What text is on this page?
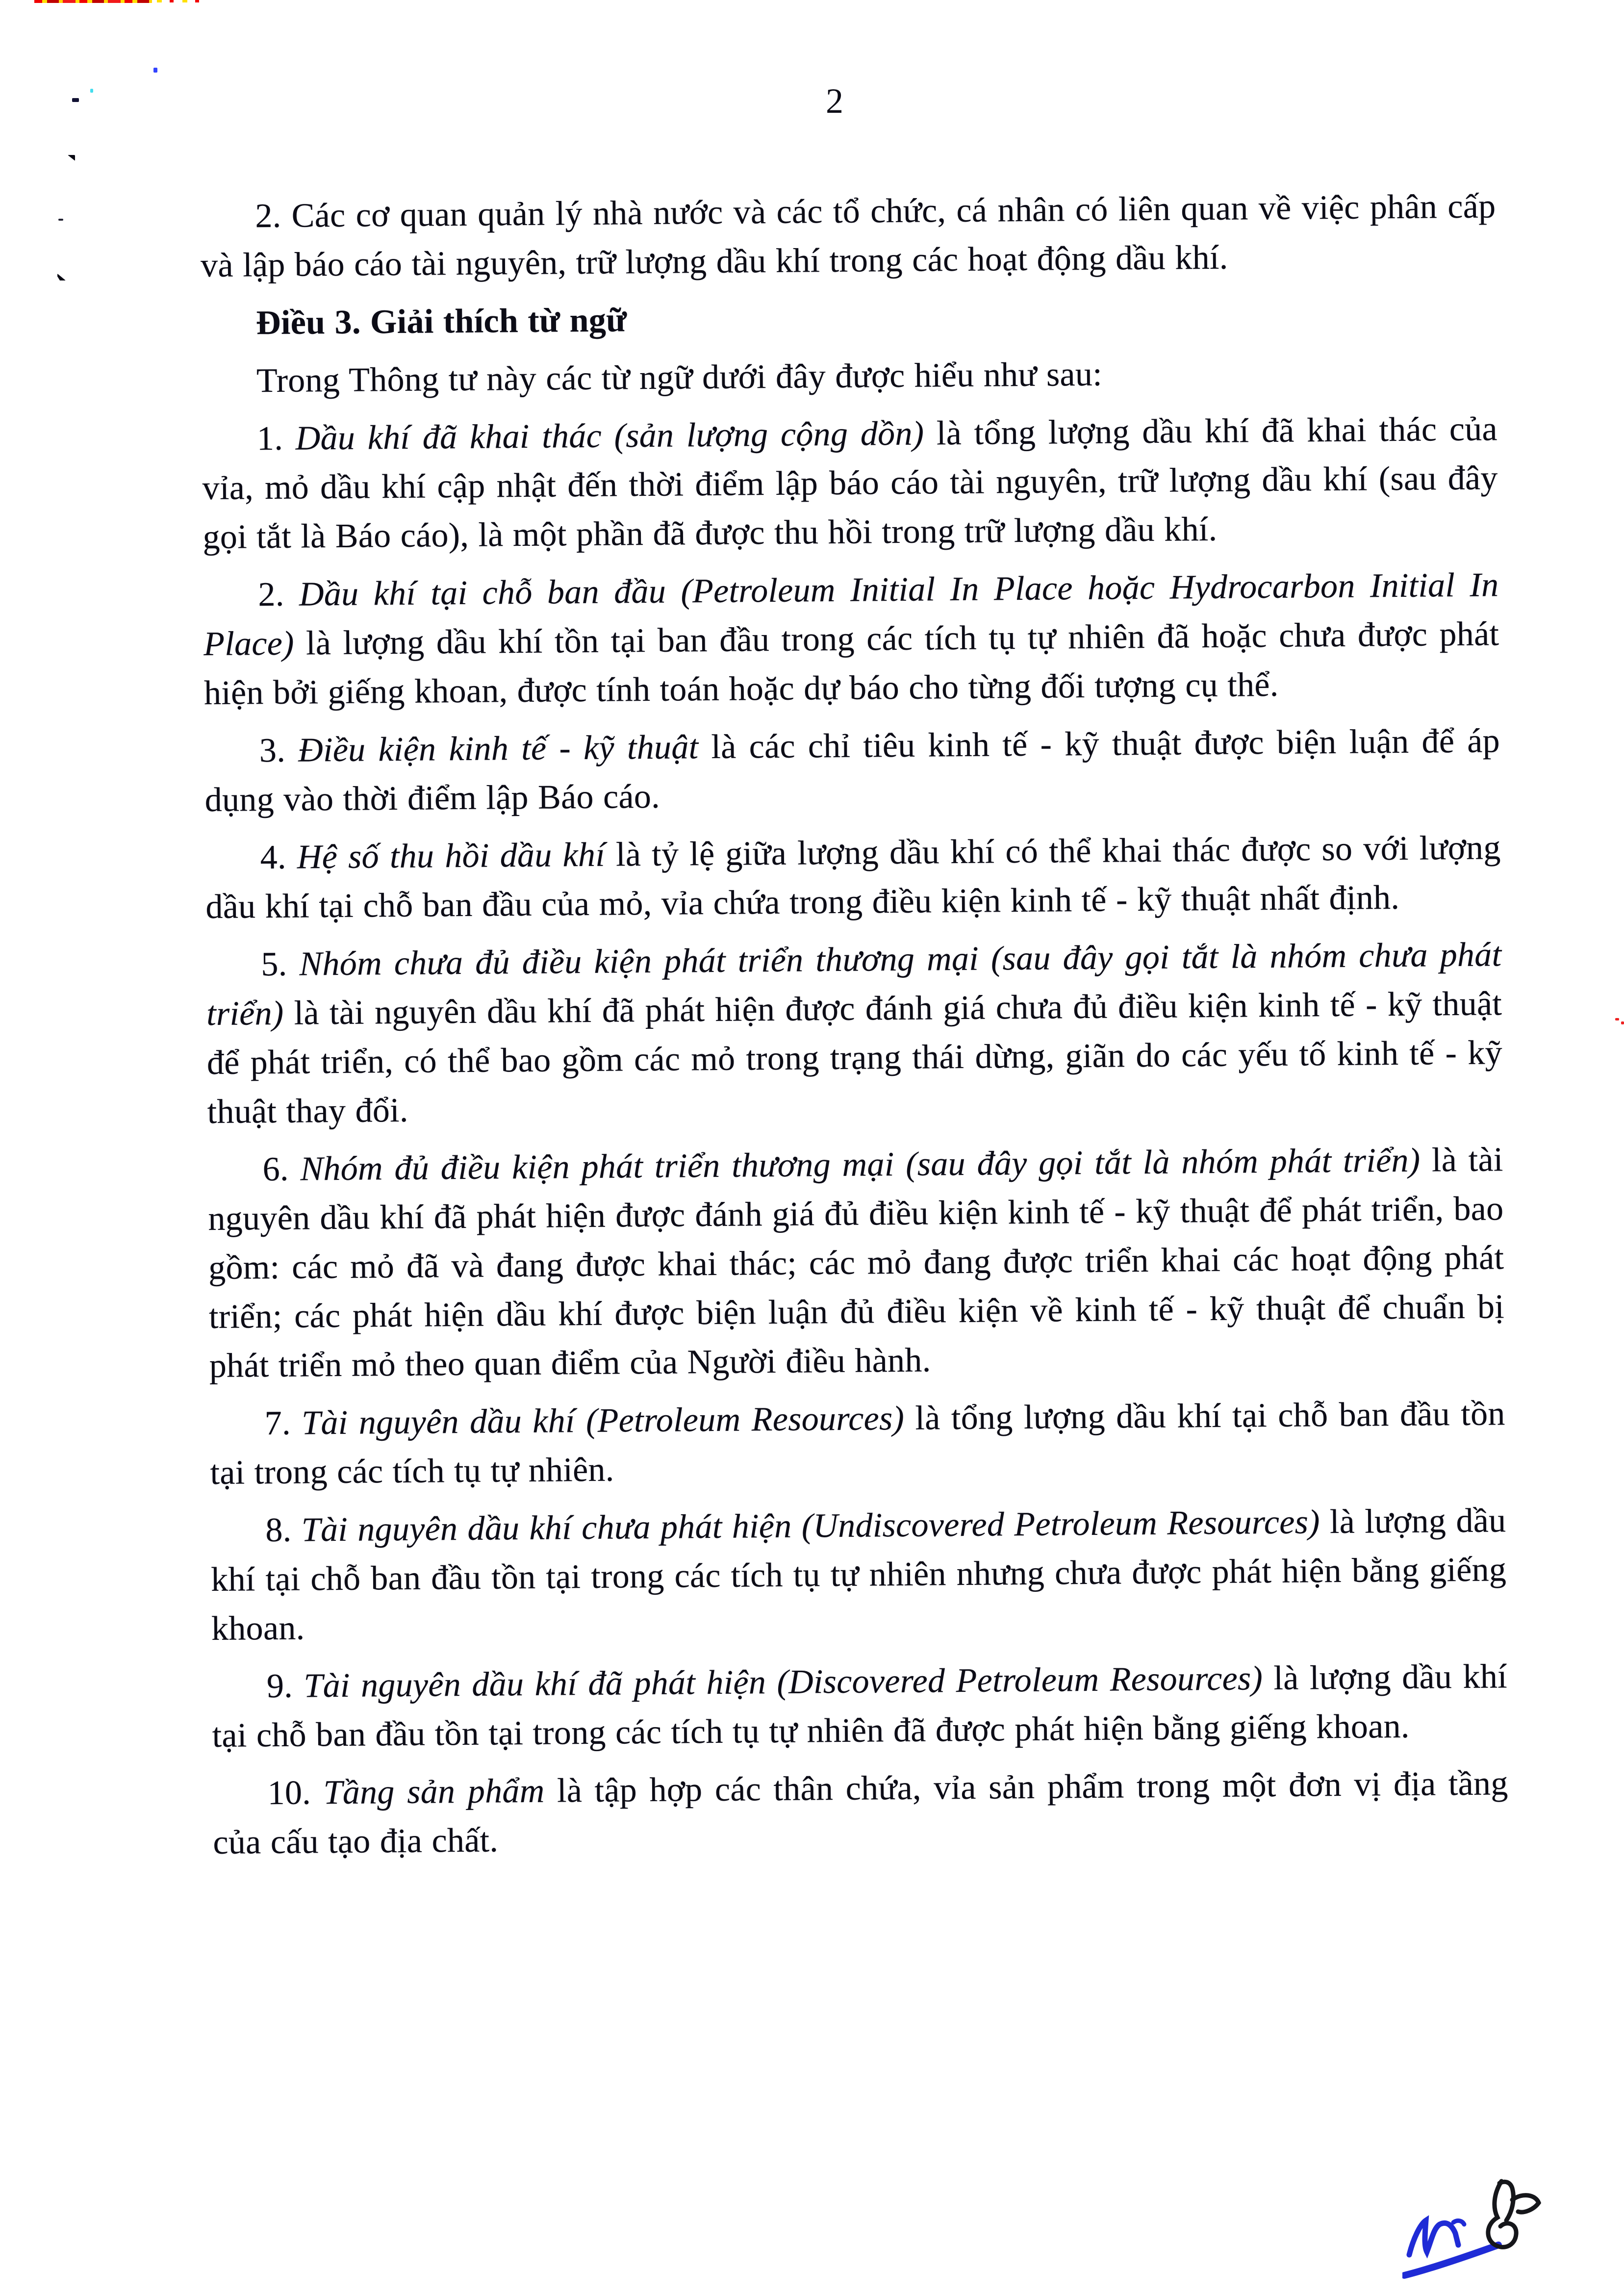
2

2. Các cơ quan quản lý nhà nước và các tổ chức, cá nhân có liên quan về việc phân cấp và lập báo cáo tài nguyên, trữ lượng dầu khí trong các hoạt động dầu khí.

Điều 3. Giải thích từ ngữ

Trong Thông tư này các từ ngữ dưới đây được hiểu như sau:

1. Dầu khí đã khai thác (sản lượng cộng dồn) là tổng lượng dầu khí đã khai thác của vỉa, mỏ dầu khí cập nhật đến thời điểm lập báo cáo tài nguyên, trữ lượng dầu khí (sau đây gọi tắt là Báo cáo), là một phần đã được thu hồi trong trữ lượng dầu khí.

2. Dầu khí tại chỗ ban đầu (Petroleum Initial In Place hoặc Hydrocarbon Initial In Place) là lượng dầu khí tồn tại ban đầu trong các tích tụ tự nhiên đã hoặc chưa được phát hiện bởi giếng khoan, được tính toán hoặc dự báo cho từng đối tượng cụ thể.

3. Điều kiện kinh tế - kỹ thuật là các chỉ tiêu kinh tế - kỹ thuật được biện luận để áp dụng vào thời điểm lập Báo cáo.

4. Hệ số thu hồi dầu khí là tỷ lệ giữa lượng dầu khí có thể khai thác được so với lượng dầu khí tại chỗ ban đầu của mỏ, vỉa chứa trong điều kiện kinh tế - kỹ thuật nhất định.

5. Nhóm chưa đủ điều kiện phát triển thương mại (sau đây gọi tắt là nhóm chưa phát triển) là tài nguyên dầu khí đã phát hiện được đánh giá chưa đủ điều kiện kinh tế - kỹ thuật để phát triển, có thể bao gồm các mỏ trong trạng thái dừng, giãn do các yếu tố kinh tế - kỹ thuật thay đổi.

6. Nhóm đủ điều kiện phát triển thương mại (sau đây gọi tắt là nhóm phát triển) là tài nguyên dầu khí đã phát hiện được đánh giá đủ điều kiện kinh tế - kỹ thuật để phát triển, bao gồm: các mỏ đã và đang được khai thác; các mỏ đang được triển khai các hoạt động phát triển; các phát hiện dầu khí được biện luận đủ điều kiện về kinh tế - kỹ thuật để chuẩn bị phát triển mỏ theo quan điểm của Người điều hành.

7. Tài nguyên dầu khí (Petroleum Resources) là tổng lượng dầu khí tại chỗ ban đầu tồn tại trong các tích tụ tự nhiên.

8. Tài nguyên dầu khí chưa phát hiện (Undiscovered Petroleum Resources) là lượng dầu khí tại chỗ ban đầu tồn tại trong các tích tụ tự nhiên nhưng chưa được phát hiện bằng giếng khoan.

9. Tài nguyên dầu khí đã phát hiện (Discovered Petroleum Resources) là lượng dầu khí tại chỗ ban đầu tồn tại trong các tích tụ tự nhiên đã được phát hiện bằng giếng khoan.

10. Tầng sản phẩm là tập hợp các thân chứa, vỉa sản phẩm trong một đơn vị địa tầng của cấu tạo địa chất.
